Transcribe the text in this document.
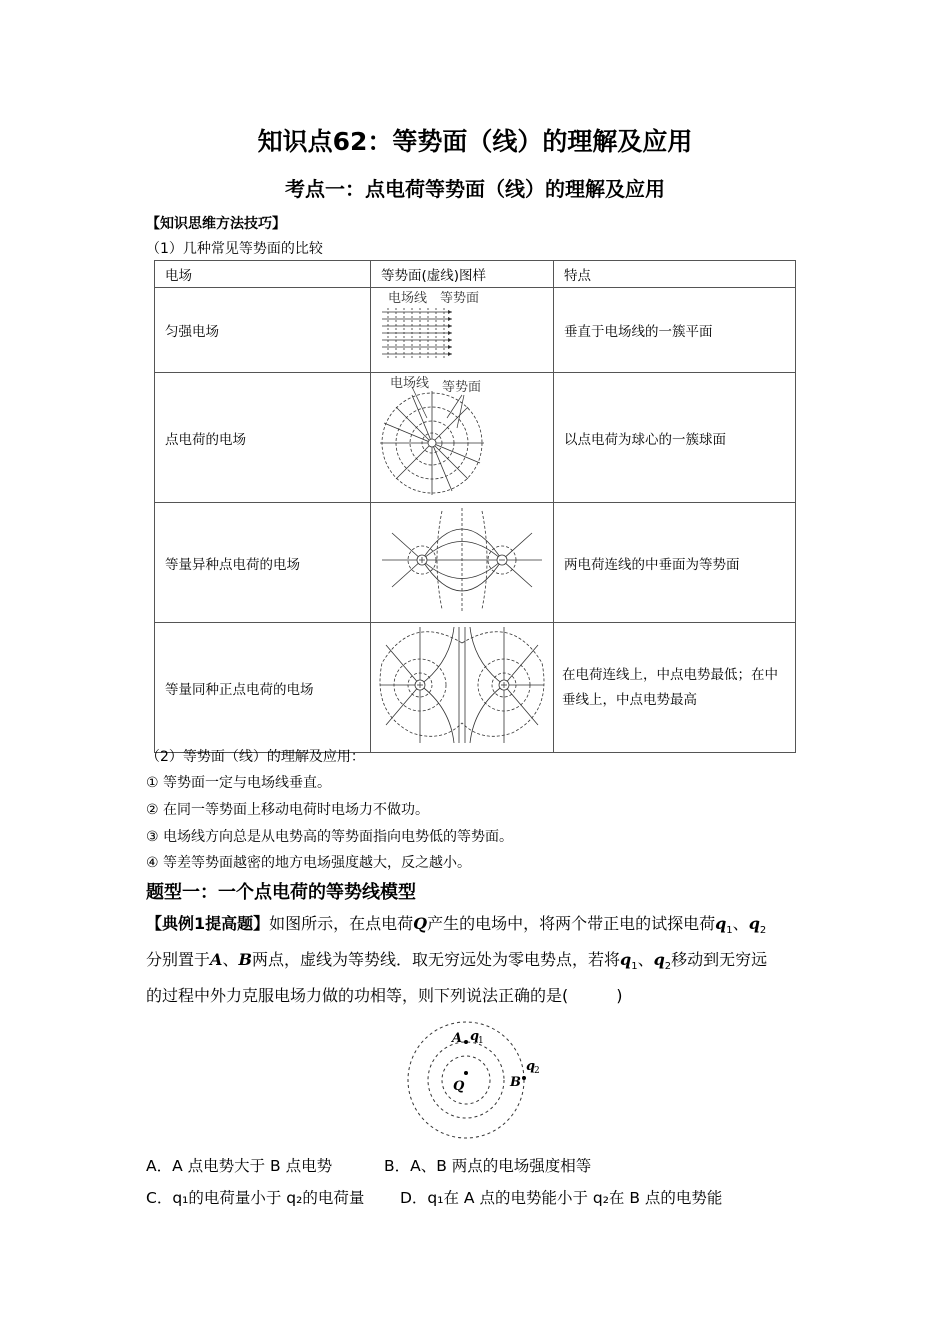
知识点62：等势面（线）的理解及应用
考点一：点电荷等势面（线）的理解及应用
【知识思维方法技巧】
（1）几种常见等势面的比较
电场	等势面(虚线)图样	特点
匀强电场	电场线 等势面	垂直于电场线的一簇平面
点电荷的电场	电场线 等势面	以点电荷为球心的一簇球面
等量异种点电荷的电场		两电荷连线的中垂面为等势面
等量同种正点电荷的电场		在电荷连线上，中点电势最低；在中垂线上，中点电势最高
（2）等势面（线）的理解及应用：
① 等势面一定与电场线垂直。
② 在同一等势面上移动电荷时电场力不做功。
③ 电场线方向总是从电势高的等势面指向电势低的等势面。
④ 等差等势面越密的地方电场强度越大，反之越小。
题型一：一个点电荷的等势线模型
【典例1提高题】如图所示，在点电荷Q产生的电场中，将两个带正电的试探电荷$q_1$、$q_2$
分别置于A、B两点，虚线为等势线．取无穷远处为零电势点，若将$q_1$、$q_2$移动到无穷远
的过程中外力克服电场力做的功相等，则下列说法正确的是(　　　)
A q
1
q
2
B
Q
A．A 点电势大于 B 点电势	B．A、B 两点的电场强度相等
C．q₁的电荷量小于 q₂的电荷量 D．q₁在 A 点的电势能小于 q₂在 B 点的电势能
